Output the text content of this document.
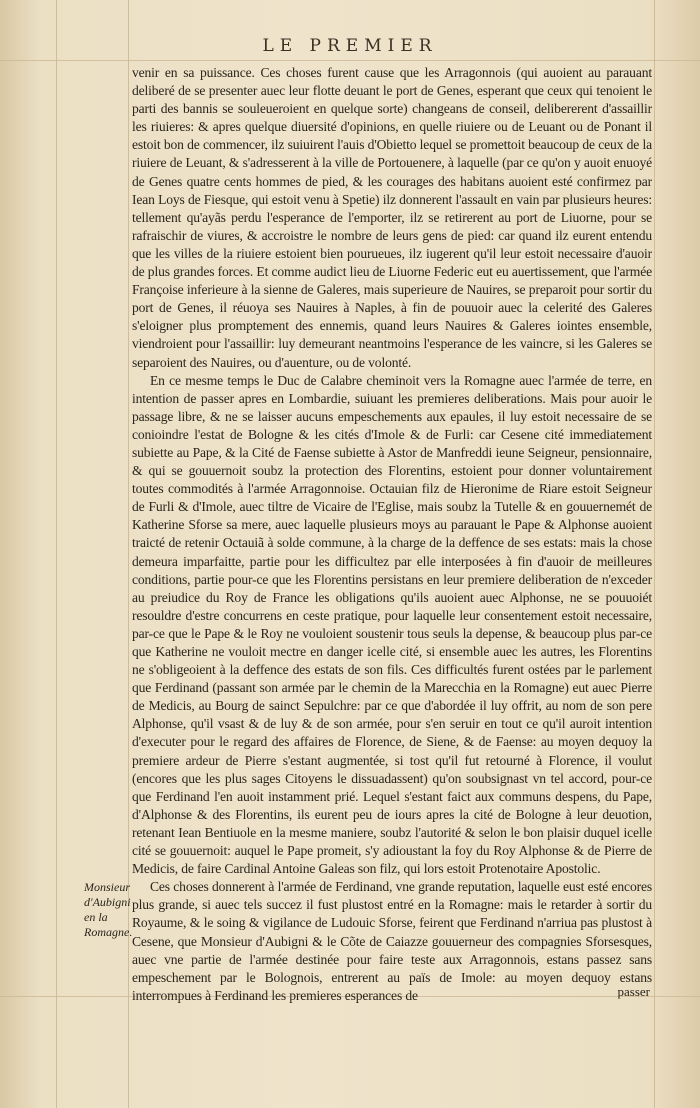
LE PREMIER

venir en sa puissance. Ces choses furent cause que les Arragonnois (qui auoient au parauant deliberé de se presenter auec leur flotte deuant le port de Genes, esperant que ceux qui tenoient le parti des bannis se souleueroient en quelque sorte) changeans de conseil, delibererent d'assaillir les riuieres: & apres quelque diuersité d'opinions, en quelle riuiere ou de Leuant ou de Ponant il estoit bon de commencer, ilz suiuirent l'auis d'Obietto lequel se promettoit beaucoup de ceux de la riuiere de Leuant, & s'adresserent à la ville de Portouenere, à laquelle (par ce qu'on y auoit enuoyé de Genes quatre cents hommes de pied, & les courages des habitans auoient esté confirmez par Iean Loys de Fiesque, qui estoit venu à Spetie) ilz donnerent l'assault en vain par plusieurs heures: tellement qu'ayãs perdu l'esperance de l'emporter, ilz se retirerent au port de Liuorne, pour se rafraischir de viures, & accroistre le nombre de leurs gens de pied: car quand ilz eurent entendu que les villes de la riuiere estoient bien pourueues, ilz iugerent qu'il leur estoit necessaire d'auoir de plus grandes forces. Et comme audict lieu de Liuorne Federic eut eu auertissement, que l'armée Françoise inferieure à la sienne de Galeres, mais superieure de Nauires, se preparoit pour sortir du port de Genes, il réuoya ses Nauires à Naples, à fin de pouuoir auec la celerité des Galeres s'eloigner plus promptement des ennemis, quand leurs Nauires & Galeres iointes ensemble, viendroient pour l'assaillir: luy demeurant neantmoins l'esperance de les vaincre, si les Galeres se separoient des Nauires, ou d'auenture, ou de volonté.

En ce mesme temps le Duc de Calabre cheminoit vers la Romagne auec l'armée de terre, en intention de passer apres en Lombardie, suiuant les premieres deliberations. Mais pour auoir le passage libre, & ne se laisser aucuns empeschements aux epaules, il luy estoit necessaire de se conioindre l'estat de Bologne & les cités d'Imole & de Furli: car Cesene cité immediatement subiette au Pape, & la Cité de Faense subiette à Astor de Manfreddi ieune Seigneur, pensionnaire, & qui se gouuernoit soubz la protection des Florentins, estoient pour donner voluntairement toutes commodités à l'armée Arragonnoise. Octauian filz de Hieronime de Riare estoit Seigneur de Furli & d'Imole, auec tiltre de Vicaire de l'Eglise, mais soubz la Tutelle & en gouuernemét de Katherine Sforse sa mere, auec laquelle plusieurs moys au parauant le Pape & Alphonse auoient traicté de retenir Octauiã à solde commune, à la charge de la deffence de ses estats: mais la chose demeura imparfaitte, partie pour les difficultez par elle interposées à fin d'auoir de meilleures conditions, partie pour-ce que les Florentins persistans en leur premiere deliberation de n'exceder au preiudice du Roy de France les obligations qu'ils auoient auec Alphonse, ne se pouuoiét resouldre d'estre concurrens en ceste pratique, pour laquelle leur consentement estoit necessaire, par-ce que le Pape & le Roy ne vouloient soustenir tous seuls la depense, & beaucoup plus par-ce que Katherine ne vouloit mectre en danger icelle cité, si ensemble auec les autres, les Florentins ne s'obligeoient à la deffence des estats de son fils. Ces difficultés furent ostées par le parlement que Ferdinand (passant son armée par le chemin de la Marecchia en la Romagne) eut auec Pierre de Medicis, au Bourg de sainct Sepulchre: par ce que d'abordée il luy offrit, au nom de son pere Alphonse, qu'il vsast & de luy & de son armée, pour s'en seruir en tout ce qu'il auroit intention d'executer pour le regard des affaires de Florence, de Siene, & de Faense: au moyen dequoy la premiere ardeur de Pierre s'estant augmentée, si tost qu'il fut retourné à Florence, il voulut (encores que les plus sages Citoyens le dissuadassent) qu'on soubsignast vn tel accord, pour-ce que Ferdinand l'en auoit instamment prié. Lequel s'estant faict aux communs despens, du Pape, d'Alphonse & des Florentins, ils eurent peu de iours apres la cité de Bologne à leur deuotion, retenant Iean Bentiuole en la mesme maniere, soubz l'autorité & selon le bon plaisir duquel icelle cité se gouuernoit: auquel le Pape promeit, s'y adioustant la foy du Roy Alphonse & de Pierre de Medicis, de faire Cardinal Antoine Galeas son filz, qui lors estoit Protenotaire Apostolic.

Ces choses donnerent à l'armée de Ferdinand, vne grande reputation, laquelle eust esté encores plus grande, si auec tels succez il fust plustost entré en la Romagne: mais le retarder à sortir du Royaume, & le soing & vigilance de Ludouic Sforse, feirent que Ferdinand n'arriua pas plustost à Cesene, que Monsieur d'Aubigni & le Cõte de Caiazze gouuerneur des compagnies Sforsesques, auec vne partie de l'armée destinée pour faire teste aux Arragonnois, estans passez sans empeschement par le Bolognois, entrerent au païs de Imole: au moyen dequoy estans interrompues à Ferdinand les premieres esperances de

Monsieur d'Aubigni en la Romagne.
passer
